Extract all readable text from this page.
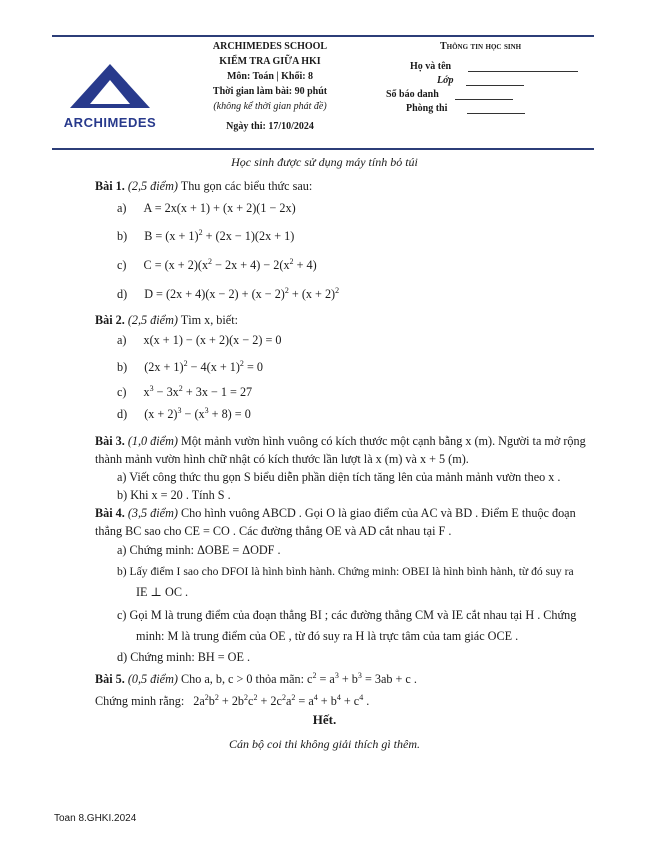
ARCHIMEDES
ARCHIMEDES SCHOOL
KIỂM TRA GIỮA HKI
Môn: Toán | Khối: 8
Thời gian làm bài: 90 phút
(không kể thời gian phát đề)
Ngày thi: 17/10/2024
Thông tin học sinh
Họ và tên
Lớp
Số báo danh
Phòng thi
Học sinh được sử dụng máy tính bỏ túi
Bài 1. (2,5 điểm) Thu gọn các biểu thức sau:
a) A = 2x(x + 1) + (x + 2)(1 − 2x)
b) $B = (x + 1)^2 + (2x - 1)(2x + 1)$
c) $C = (x + 2)(x^2 - 2x + 4) - 2(x^2 + 4)$
d) $D = (2x + 4)(x - 2) + (x - 2)^2 + (x + 2)^2$
Bài 2. (2,5 điểm) Tìm x, biết:
a) x(x + 1) − (x + 2)(x − 2) = 0
b) $(2x + 1)^2 - 4(x + 1)^2 = 0$
c) $x^3 - 3x^2 + 3x - 1 = 27$
d) $(x + 2)^3 - (x^3 + 8) = 0$
Bài 3. (1,0 điểm) Một mảnh vườn hình vuông có kích thước một cạnh bằng x (m). Người ta mở rộng
thành mảnh vườn hình chữ nhật có kích thước lần lượt là x (m) và x + 5 (m).
a) Viết công thức thu gọn S biểu diễn phần diện tích tăng lên của mảnh mảnh vườn theo x .
b) Khi x = 20 . Tính S .
Bài 4. (3,5 điểm) Cho hình vuông ABCD . Gọi O là giao điểm của AC và BD . Điểm E thuộc đoạn
thẳng BC sao cho CE = CO . Các đường thẳng OE và AD cắt nhau tại F .
a) Chứng minh: ΔOBE = ΔODF .
b) Lấy điểm I sao cho DFOI là hình bình hành. Chứng minh: OBEI là hình bình hành, từ đó suy ra
IE ⊥ OC .
c) Gọi M là trung điểm của đoạn thẳng BI ; các đường thẳng CM và IE cắt nhau tại H . Chứng
minh: M là trung điểm của OE , từ đó suy ra H là trực tâm của tam giác OCE .
d) Chứng minh: BH = OE .
Bài 5. (0,5 điểm) Cho a, b, c > 0 thỏa mãn: $c^2 = a^3 + b^3 = 3ab + c$ .
Chứng minh rằng: $2a^2b^2 + 2b^2c^2 + 2c^2a^2 = a^4 + b^4 + c^4$ .
Hết.
Cán bộ coi thi không giải thích gì thêm.
Toan 8.GHKI.2024
